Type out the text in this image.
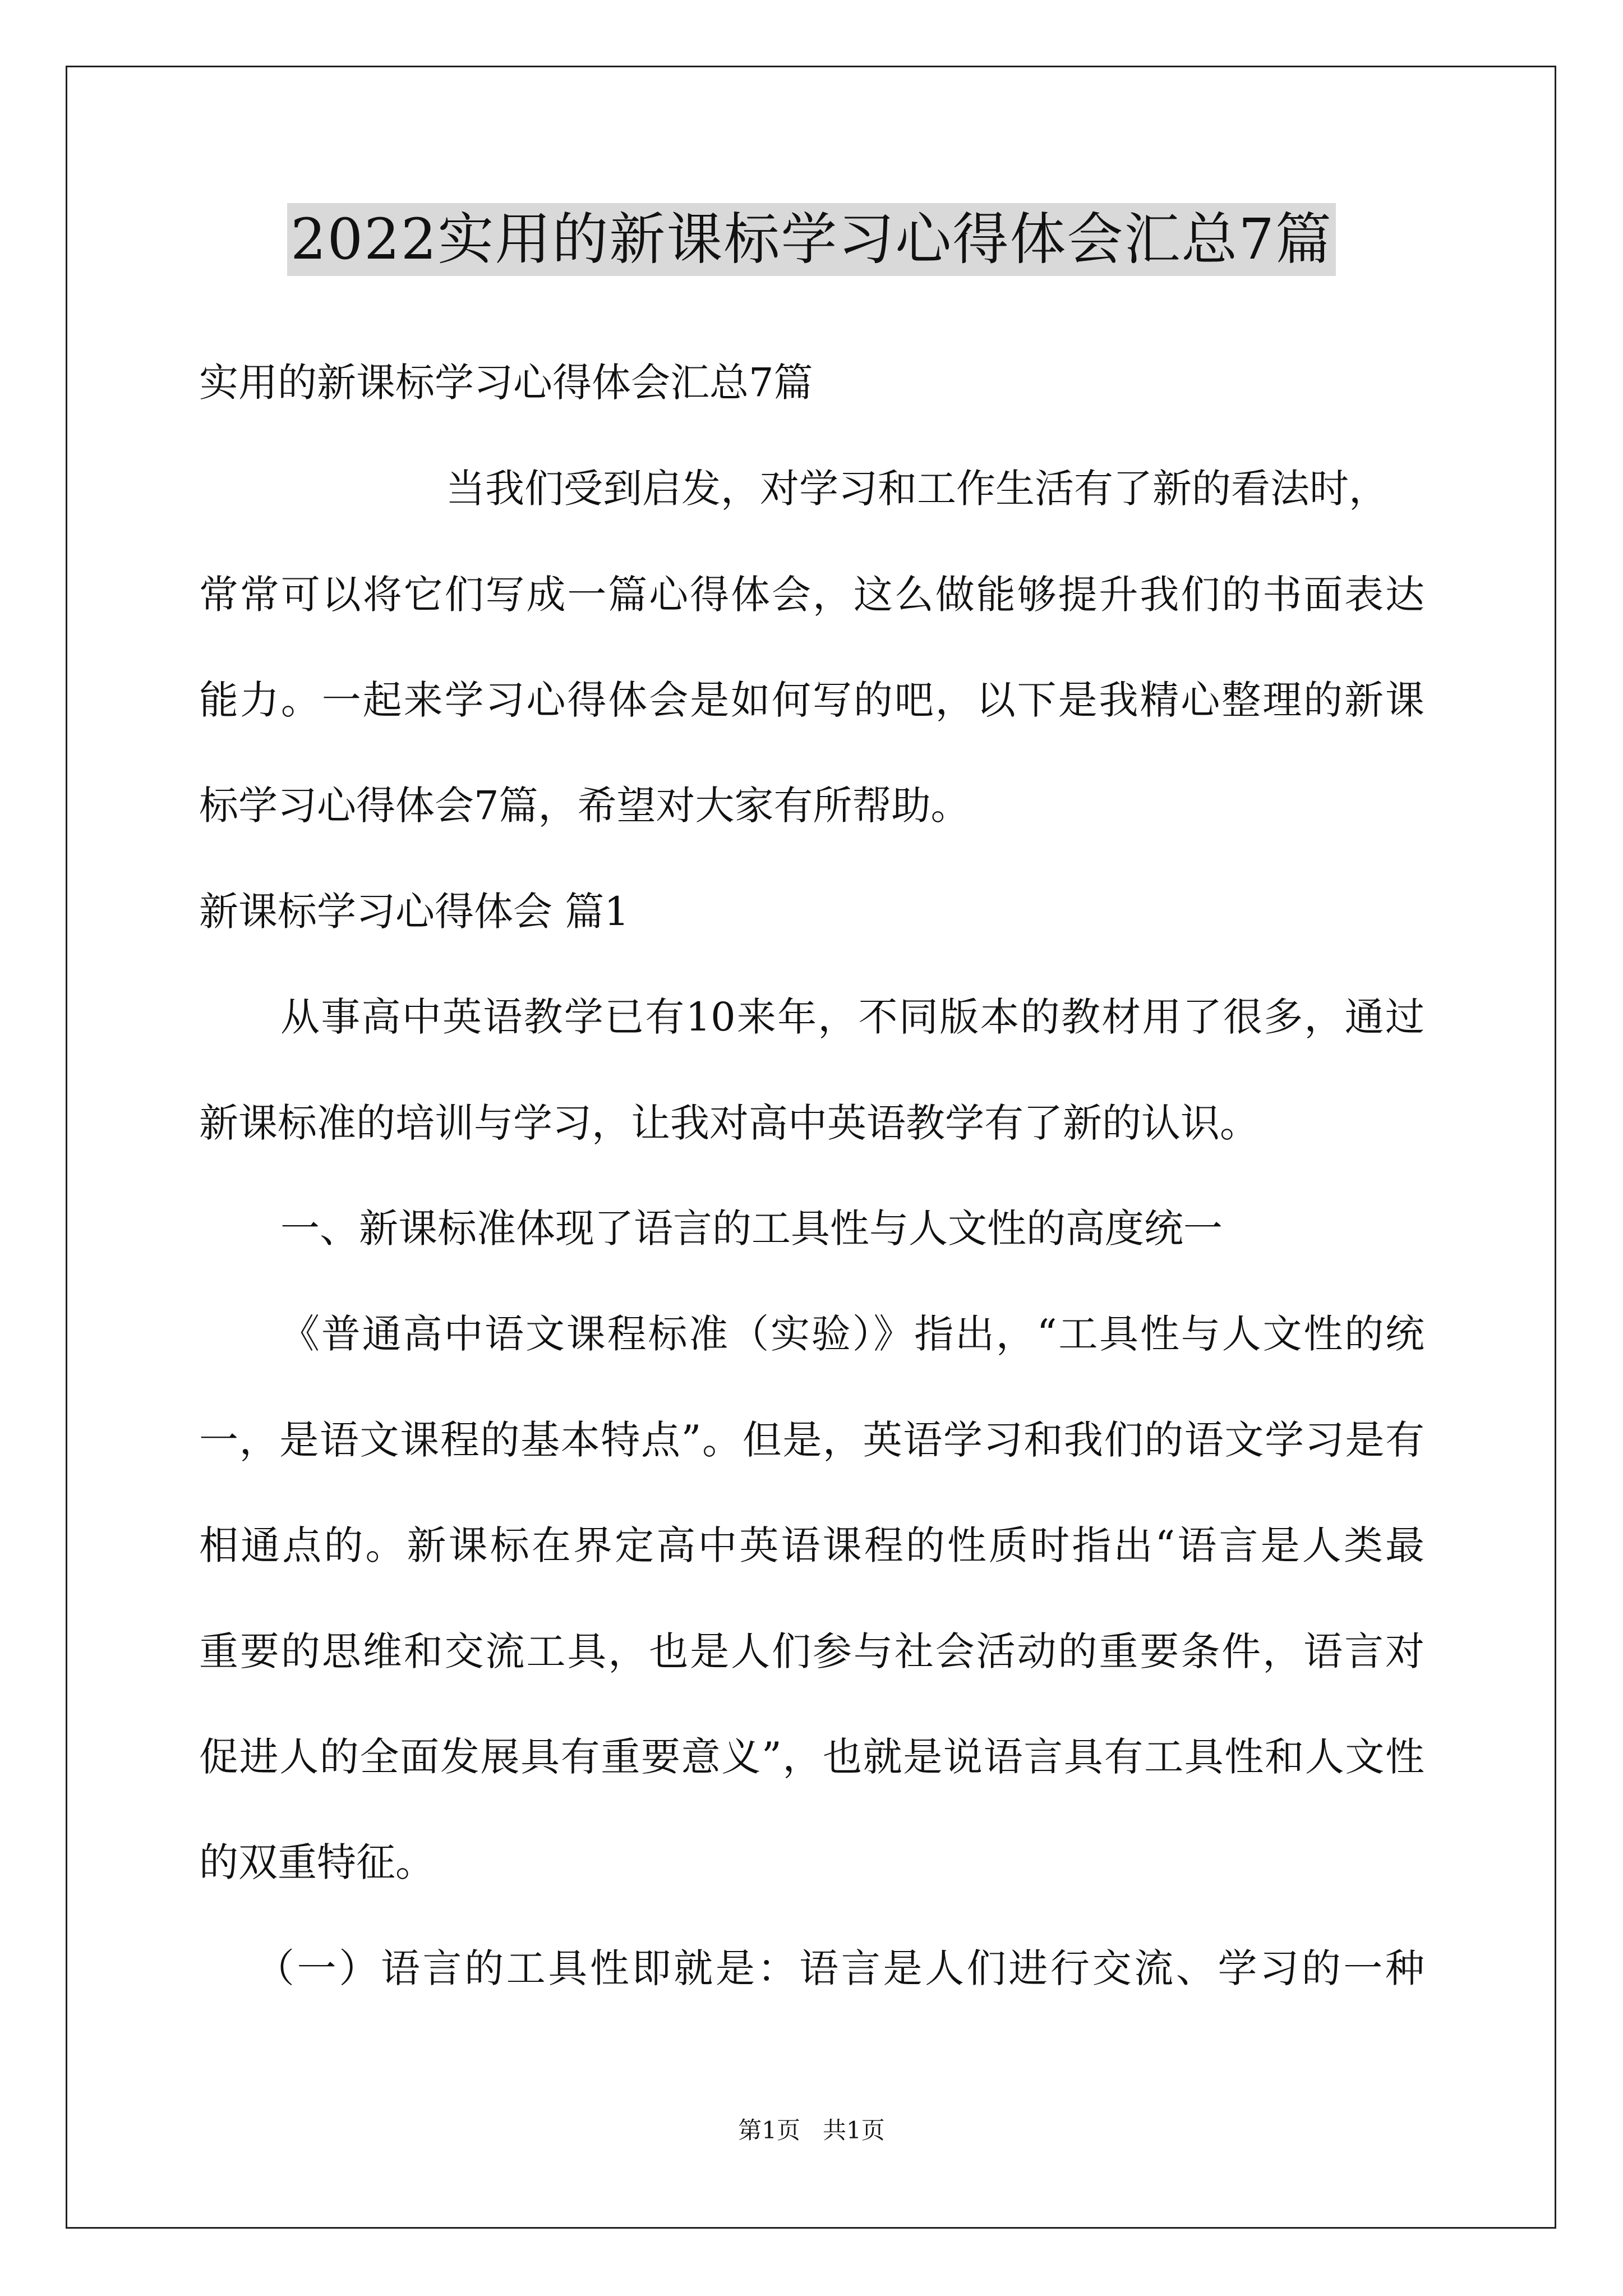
2022实用的新课标学习心得体会汇总7篇
实用的新课标学习心得体会汇总7篇
当我们受到启发，对学习和工作生活有了新的看法时，
常常可以将它们写成一篇心得体会，这么做能够提升我们的书面表达
能力。一起来学习心得体会是如何写的吧，以下是我精心整理的新课
标学习心得体会7篇，希望对大家有所帮助。
新课标学习心得体会 篇1
从事高中英语教学已有10来年，不同版本的教材用了很多，通过
新课标准的培训与学习，让我对高中英语教学有了新的认识。
一、新课标准体现了语言的工具性与人文性的高度统一
《普通高中语文课程标准（实验）》指出，“工具性与人文性的统
一，是语文课程的基本特点”。但是，英语学习和我们的语文学习是有
相通点的。新课标在界定高中英语课程的性质时指出“语言是人类最
重要的思维和交流工具，也是人们参与社会活动的重要条件，语言对
促进人的全面发展具有重要意义”，也就是说语言具有工具性和人文性
的双重特征。
（一）语言的工具性即就是：语言是人们进行交流、学习的一种
第1页   共1页
